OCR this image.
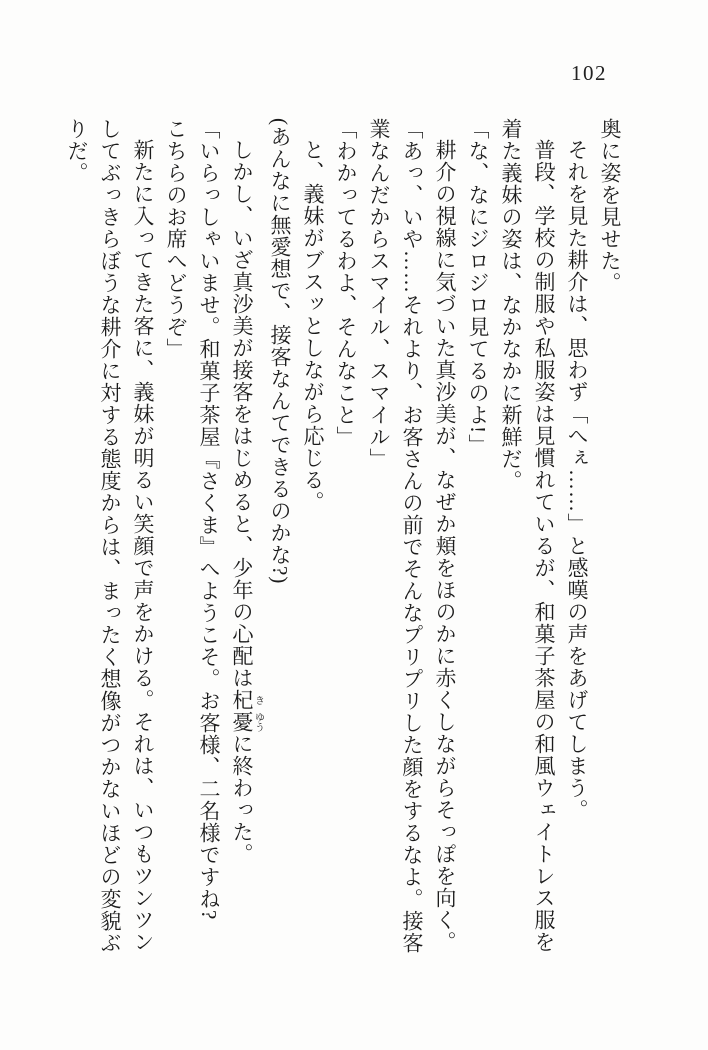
102

奥に姿を見せた。

それを見た耕介は、思わず「へぇ……」と感嘆の声をあげてしまう。

普段、学校の制服や私服姿は見慣れているが、和菓子茶屋の和風ウェイトレス服を着た義妹の姿は、なかなかに新鮮だ。

「な、なにジロジロ見てるのよ!」

耕介の視線に気づいた真沙美が、なぜか頬をほのかに赤くしながらそっぽを向く。

「あっ、いや……それより、お客さんの前でそんなプリプリした顔をするなよ。接客業なんだからスマイル、スマイル」

「わかってるわよ、そんなこと」

と、義妹がブスッとしながら応じる。

(あんなに無愛想で、接客なんてできるのかな?)

しかし、いざ真沙美が接客をはじめると、少年の心配は杞き憂ゆうに終わった。

「いらっしゃいませ。和菓子茶屋『さくま』へようこそ。お客様、二名様ですね?　こちらのお席へどうぞ」

新たに入ってきた客に、義妹が明るい笑顔で声をかける。それは、いつもツンツンしてぶっきらぼうな耕介に対する態度からは、まったく想像がつかないほどの変貌ぶりだ。
